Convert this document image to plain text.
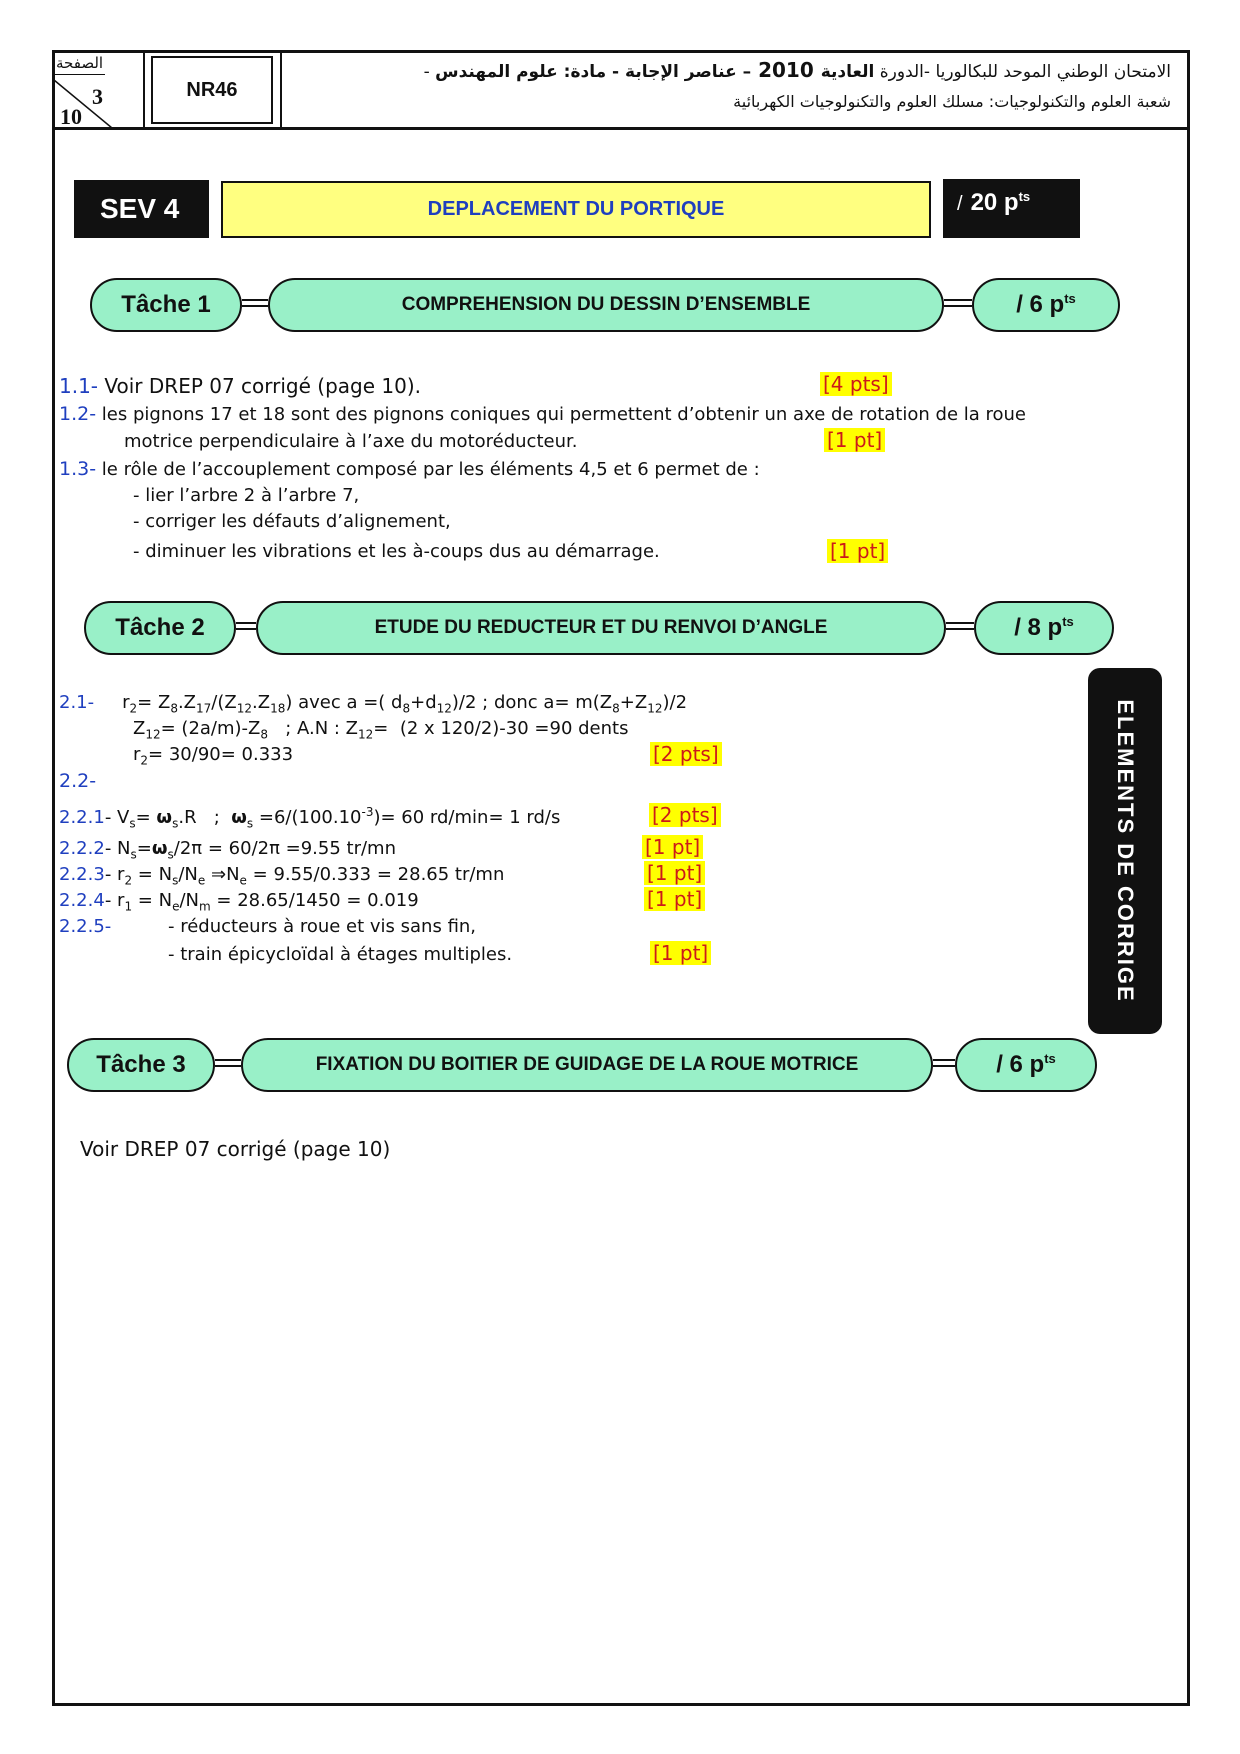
الصفحة
3
10
NR46
الامتحان الوطني الموحد للبكالوريا -الدورة العادية 2010 – عناصر الإجابة - مادة: علوم المهندس -
شعبة العلوم والتكنولوجيات: مسلك العلوم والتكنولوجيات الكهربائية
SEV 4	DEPLACEMENT DU PORTIQUE	/ 20 $p^{ts}$
Tâche 1	COMPREHENSION DU DESSIN D’ENSEMBLE	/ 6 $p^{ts}$
1.1- Voir DREP 07 corrigé (page 10).	[4 pts]
1.2- les pignons 17 et 18 sont des pignons coniques qui permettent d’obtenir un axe de rotation de la roue
motrice perpendiculaire à l’axe du motoréducteur.	[1 pt]
1.3- le rôle de l’accouplement composé par les éléments 4,5 et 6 permet de :
- lier l’arbre 2 à l’arbre 7,
- corriger les défauts d’alignement,
- diminuer les vibrations et les à-coups dus au démarrage.	[1 pt]
Tâche 2	ETUDE DU REDUCTEUR ET DU RENVOI D’ANGLE	/ 8 $p^{ts}$
2.1- $r_2= Z_8.Z_{17}/(Z_{12}.Z_{18})$ avec a =( $d_8+d_{12})/2$ ; donc $a= m(Z_8+Z_{12})/2$
$Z_{12}= (2a/m)-Z_8$   ; A.N : $Z_{12}= (2$ x 120/2)-30 =90 dents
$r_2= 30/90= 0.333$	[2 pts]
2.2-
2.2.1- $V_s= \omega_s.R$   ;  $\omega_s =6/(100.10^{-3})= 60$ rd/min= 1 rd/s	[2 pts]
2.2.2- $N_s=\omega_s/2\pi = 60/2\pi =9.55$ tr/mn	[1 pt]
2.2.3- $r_2 = N_s/N_e$ $\Rightarrow N_e = 9.55/0.333 = 28.65$ tr/mn	[1 pt]
2.2.4- $r_1 = N_e/N_m = 28.65/1450 = 0.019$	[1 pt]
2.2.5-	- réducteurs à roue et vis sans fin,
- train épicycloïdal à étages multiples.	[1 pt]
Tâche 3	FIXATION DU BOITIER DE GUIDAGE DE LA ROUE MOTRICE	/ 6 $p^{ts}$
Voir DREP 07 corrigé (page 10)
ELEMENTS DE CORRIGE
